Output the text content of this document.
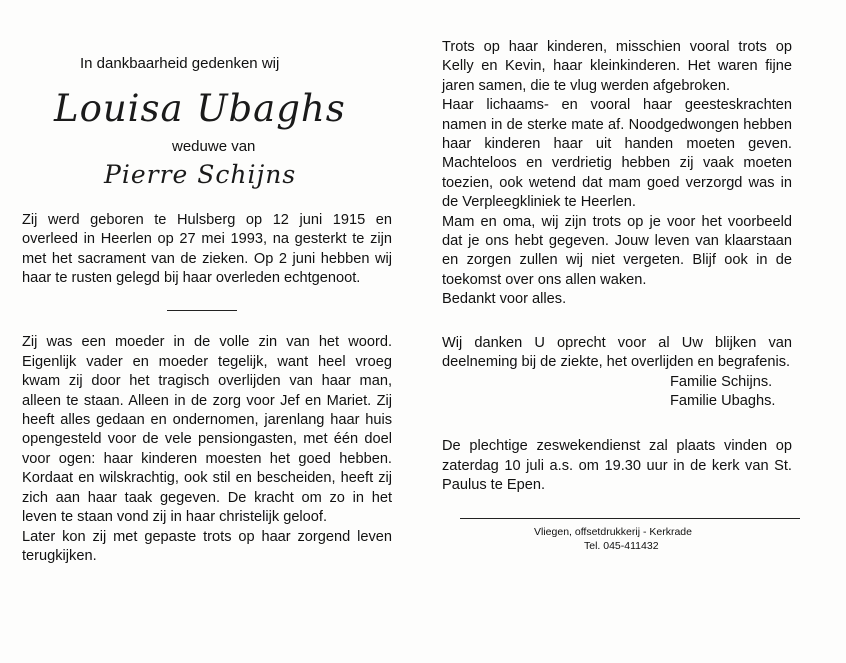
In dankbaarheid gedenken wij

Louisa Ubaghs

weduwe van

Pierre Schijns

Zij werd geboren te Hulsberg op 12 juni 1915 en overleed in Heerlen op 27 mei 1993, na gesterkt te zijn met het sacrament van de zieken. Op 2 juni hebben wij haar te rusten gelegd bij haar overleden echtgenoot.

Zij was een moeder in de volle zin van het woord. Eigenlijk vader en moeder tegelijk, want heel vroeg kwam zij door het tragisch overlijden van haar man, alleen te staan. Alleen in de zorg voor Jef en Mariet. Zij heeft alles gedaan en ondernomen, jarenlang haar huis opengesteld voor de vele pensiongasten, met één doel voor ogen: haar kinderen moesten het goed hebben. Kordaat en wilskrachtig, ook stil en bescheiden, heeft zij zich aan haar taak gegeven. De kracht om zo in het leven te staan vond zij in haar christelijk geloof.

Later kon zij met gepaste trots op haar zorgend leven terugkijken.

Trots op haar kinderen, misschien vooral trots op Kelly en Kevin, haar kleinkinderen. Het waren fijne jaren samen, die te vlug werden afgebroken.

Haar lichaams- en vooral haar geesteskrachten namen in de sterke mate af. Noodgedwongen hebben haar kinderen haar uit handen moeten geven. Machteloos en verdrietig hebben zij vaak moeten toezien, ook wetend dat mam goed verzorgd was in de Verpleegkliniek te Heerlen.

Mam en oma, wij zijn trots op je voor het voorbeeld dat je ons hebt gegeven. Jouw leven van klaarstaan en zorgen zullen wij niet vergeten. Blijf ook in de toekomst over ons allen waken.

Bedankt voor alles.

Wij danken U oprecht voor al Uw blijken van deelneming bij de ziekte, het overlijden en begrafenis.

Familie Schijns.

Familie Ubaghs.

De plechtige zeswekendienst zal plaats vinden op zaterdag 10 juli a.s. om 19.30 uur in de kerk van St. Paulus te Epen.

Vliegen, offsetdrukkerij - Kerkrade

Tel. 045-411432
